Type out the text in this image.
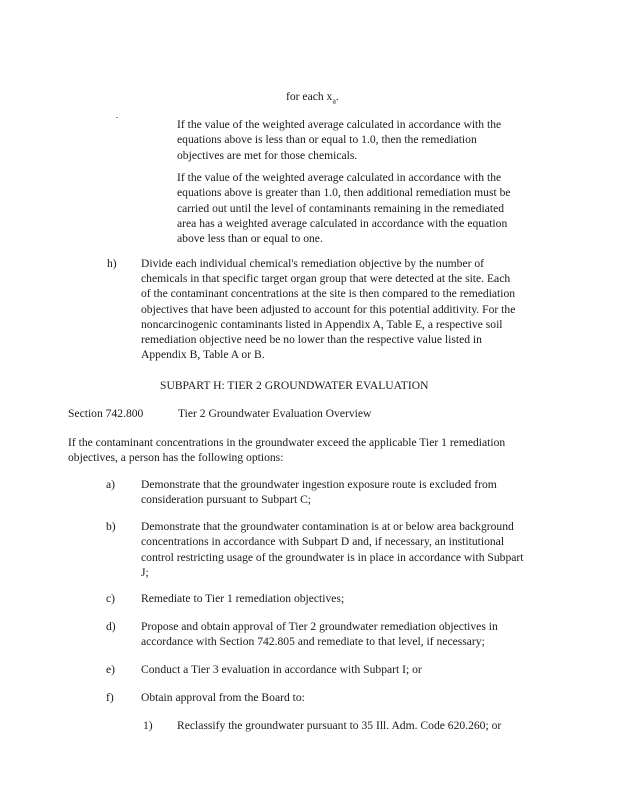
for each $x_a$.
If the value of the weighted average calculated in accordance with the
equations above is less than or equal to 1.0, then the remediation
objectives are met for those chemicals.
If the value of the weighted average calculated in accordance with the
equations above is greater than 1.0, then additional remediation must be
carried out until the level of contaminants remaining in the remediated
area has a weighted average calculated in accordance with the equation
above less than or equal to one.
h) Divide each individual chemical's remediation objective by the number of
chemicals in that specific target organ group that were detected at the site. Each
of the contaminant concentrations at the site is then compared to the remediation
objectives that have been adjusted to account for this potential additivity. For the
noncarcinogenic contaminants listed in Appendix A, Table E, a respective soil
remediation objective need be no lower than the respective value listed in
Appendix B, Table A or B.
SUBPART H: TIER 2 GROUNDWATER EVALUATION
Section 742.800	Tier 2 Groundwater Evaluation Overview
If the contaminant concentrations in the groundwater exceed the applicable Tier 1 remediation
objectives, a person has the following options:
a) Demonstrate that the groundwater ingestion exposure route is excluded from
consideration pursuant to Subpart C;
b) Demonstrate that the groundwater contamination is at or below area background
concentrations in accordance with Subpart D and, if necessary, an institutional
control restricting usage of the groundwater is in place in accordance with Subpart
J;
c) Remediate to Tier 1 remediation objectives;
d) Propose and obtain approval of Tier 2 groundwater remediation objectives in
accordance with Section 742.805 and remediate to that level, if necessary;
e) Conduct a Tier 3 evaluation in accordance with Subpart I; or
f) Obtain approval from the Board to:
1) Reclassify the groundwater pursuant to 35 Ill. Adm. Code 620.260; or
